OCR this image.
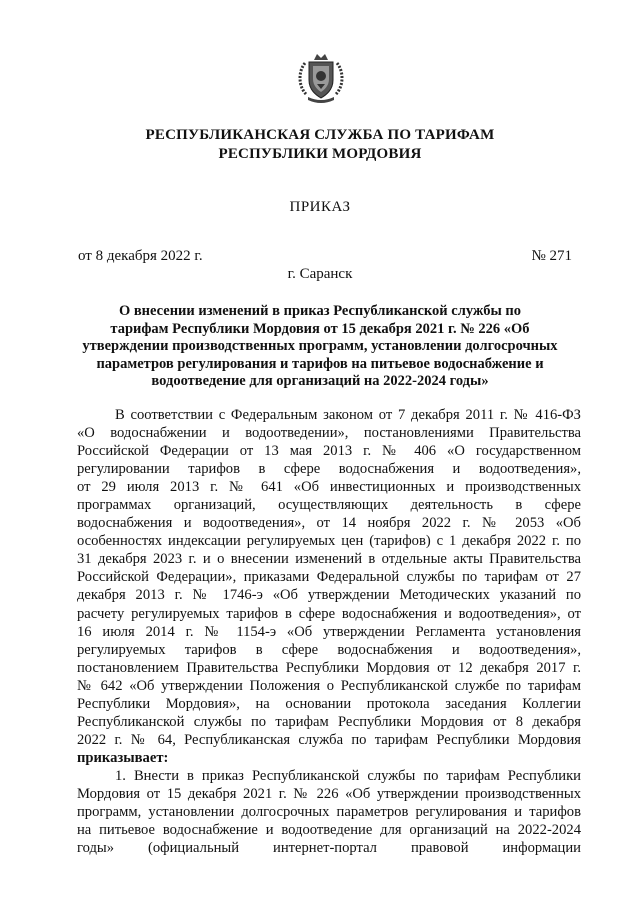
РЕСПУБЛИКАНСКАЯ СЛУЖБА ПО ТАРИФАМ
РЕСПУБЛИКИ МОРДОВИЯ
ПРИКАЗ
от 8 декабря 2022 г.	№ 271
г. Саранск
О внесении изменений в приказ Республиканской службы по
тарифам Республики Мордовия от 15 декабря 2021 г. № 226 «Об
утверждении производственных программ, установлении долгосрочных
параметров регулирования и тарифов на питьевое водоснабжение и
водоотведение для организаций на 2022-2024 годы»
В соответствии с Федеральным законом от 7 декабря 2011 г. № 416-ФЗ
«О водоснабжении и водоотведении», постановлениями Правительства
Российской Федерации от 13 мая 2013 г. № 406 «О государственном
регулировании тарифов в сфере водоснабжения и водоотведения»,
от 29 июля 2013 г. № 641 «Об инвестиционных и производственных
программах организаций, осуществляющих деятельность в сфере
водоснабжения и водоотведения», от 14 ноября 2022 г. № 2053 «Об
особенностях индексации регулируемых цен (тарифов) с 1 декабря 2022 г. по
31 декабря 2023 г. и о внесении изменений в отдельные акты Правительства
Российской Федерации», приказами Федеральной службы по тарифам от 27
декабря 2013 г. № 1746-э «Об утверждении Методических указаний по
расчету регулируемых тарифов в сфере водоснабжения и водоотведения», от
16 июля 2014 г. № 1154-э «Об утверждении Регламента установления
регулируемых тарифов в сфере водоснабжения и водоотведения»,
постановлением Правительства Республики Мордовия от 12 декабря 2017 г.
№ 642 «Об утверждении Положения о Республиканской службе по тарифам
Республики Мордовия», на основании протокола заседания Коллегии
Республиканской службы по тарифам Республики Мордовия от 8 декабря
2022 г. № 64, Республиканская служба по тарифам Республики Мордовия
приказывает:
1. Внести в приказ Республиканской службы по тарифам Республики
Мордовия от 15 декабря 2021 г. № 226 «Об утверждении производственных
программ, установлении долгосрочных параметров регулирования и тарифов
на питьевое водоснабжение и водоотведение для организаций на 2022-2024
годы» (официальный интернет-портал правовой информации
